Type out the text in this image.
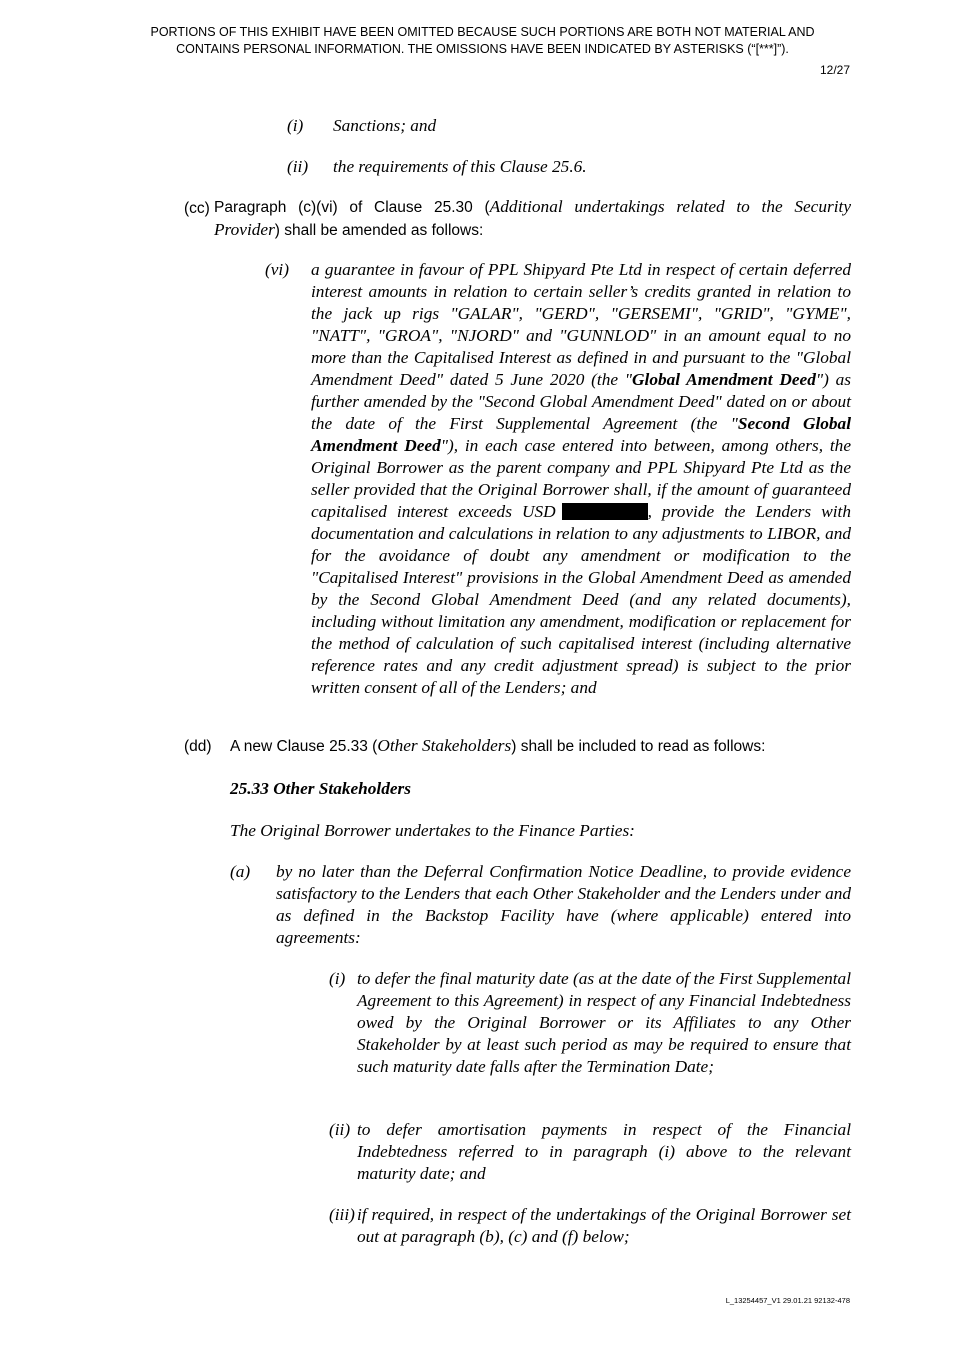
PORTIONS OF THIS EXHIBIT HAVE BEEN OMITTED BECAUSE SUCH PORTIONS ARE BOTH NOT MATERIAL AND
CONTAINS PERSONAL INFORMATION. THE OMISSIONS HAVE BEEN INDICATED BY ASTERISKS (“[***]”).
12/27
(i) Sanctions; and
(ii) the requirements of this Clause 25.6.
(cc) Paragraph (c)(vi) of Clause 25.30 (Additional undertakings related to the Security
Provider) shall be amended as follows:
(vi) a guarantee in favour of PPL Shipyard Pte Ltd in respect of certain deferred interest amounts in relation to certain seller’s credits granted in relation to the jack up rigs "GALAR", "GERD", "GERSEMI", "GRID", "GYME", "NATT", "GROA", "NJORD" and "GUNNLOD" in an amount equal to no more than the Capitalised Interest as defined in and pursuant to the "Global Amendment Deed" dated 5 June 2020 (the "Global Amendment Deed") as further amended by the "Second Global Amendment Deed" dated on or about the date of the First Supplemental Agreement (the "Second Global Amendment Deed"), in each case entered into between, among others, the Original Borrower as the parent company and PPL Shipyard Pte Ltd as the seller provided that the Original Borrower shall, if the amount of guaranteed capitalised interest exceeds USD	, provide the Lenders with documentation and calculations in relation to any adjustments to LIBOR, and for the avoidance of doubt any amendment or modification to the "Capitalised Interest" provisions in the Global Amendment Deed as amended by the Second Global Amendment Deed (and any related documents), including without limitation any amendment, modification or replacement for the method of calculation of such capitalised interest (including alternative reference rates and any credit adjustment spread) is subject to the prior written consent of all of the Lenders; and
(dd) A new Clause 25.33 (Other Stakeholders) shall be included to read as follows:
25.33 Other Stakeholders
The Original Borrower undertakes to the Finance Parties:
(a) by no later than the Deferral Confirmation Notice Deadline, to provide evidence satisfactory to the Lenders that each Other Stakeholder and the Lenders under and as defined in the Backstop Facility have (where applicable) entered into agreements:
(i) to defer the final maturity date (as at the date of the First Supplemental Agreement to this Agreement) in respect of any Financial Indebtedness owed by the Original Borrower or its Affiliates to any Other Stakeholder by at least such period as may be required to ensure that such maturity date falls after the Termination Date;
(ii) to defer amortisation payments in respect of the Financial Indebtedness referred to in paragraph (i) above to the relevant maturity date; and
(iii) if required, in respect of the undertakings of the Original Borrower set out at paragraph (b), (c) and (f) below;
L_13254457_V1 29.01.21 92132-478
